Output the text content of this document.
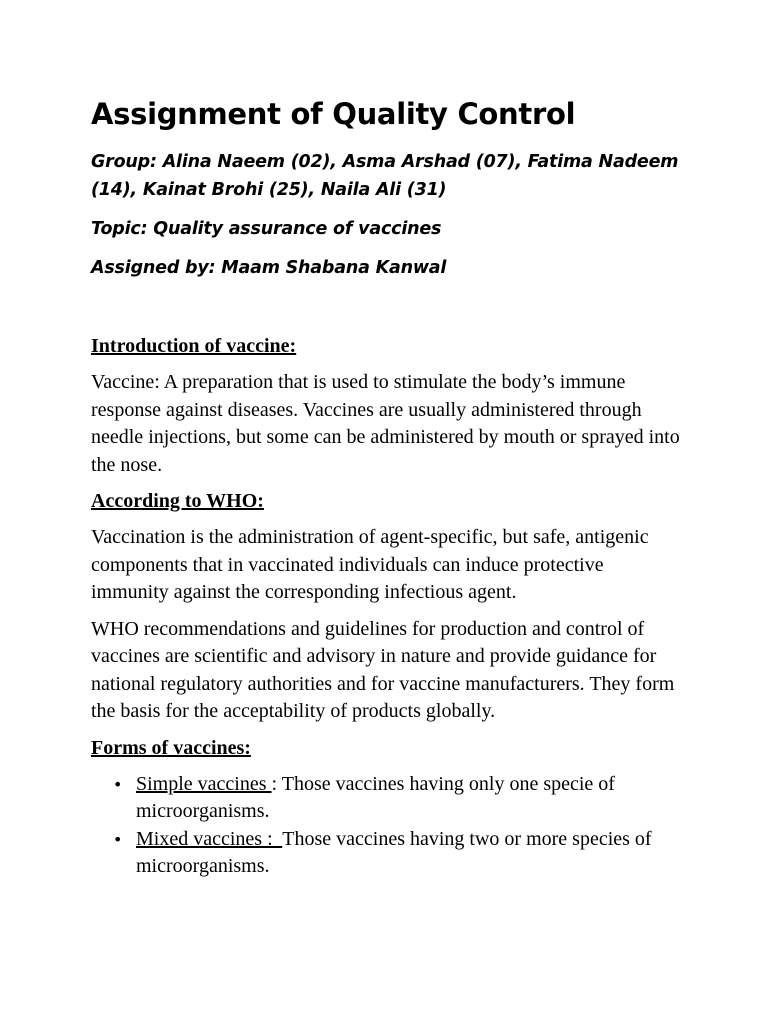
Assignment of Quality Control

Group: Alina Naeem (02), Asma Arshad (07), Fatima Nadeem (14), Kainat Brohi (25), Naila Ali (31)

Topic: Quality assurance of vaccines

Assigned by: Maam Shabana Kanwal

Introduction of vaccine:

Vaccine: A preparation that is used to stimulate the body’s immune response against diseases. Vaccines are usually administered through needle injections, but some can be administered by mouth or sprayed into the nose.

According to WHO:

Vaccination is the administration of agent-specific, but safe, antigenic components that in vaccinated individuals can induce protective immunity against the corresponding infectious agent.

WHO recommendations and guidelines for production and control of vaccines are scientific and advisory in nature and provide guidance for national regulatory authorities and for vaccine manufacturers. They form the basis for the acceptability of products globally.

Forms of vaccines:
• Simple vaccines : Those vaccines having only one specie of microorganisms.
• Mixed vaccines :  Those vaccines having two or more species of microorganisms.
